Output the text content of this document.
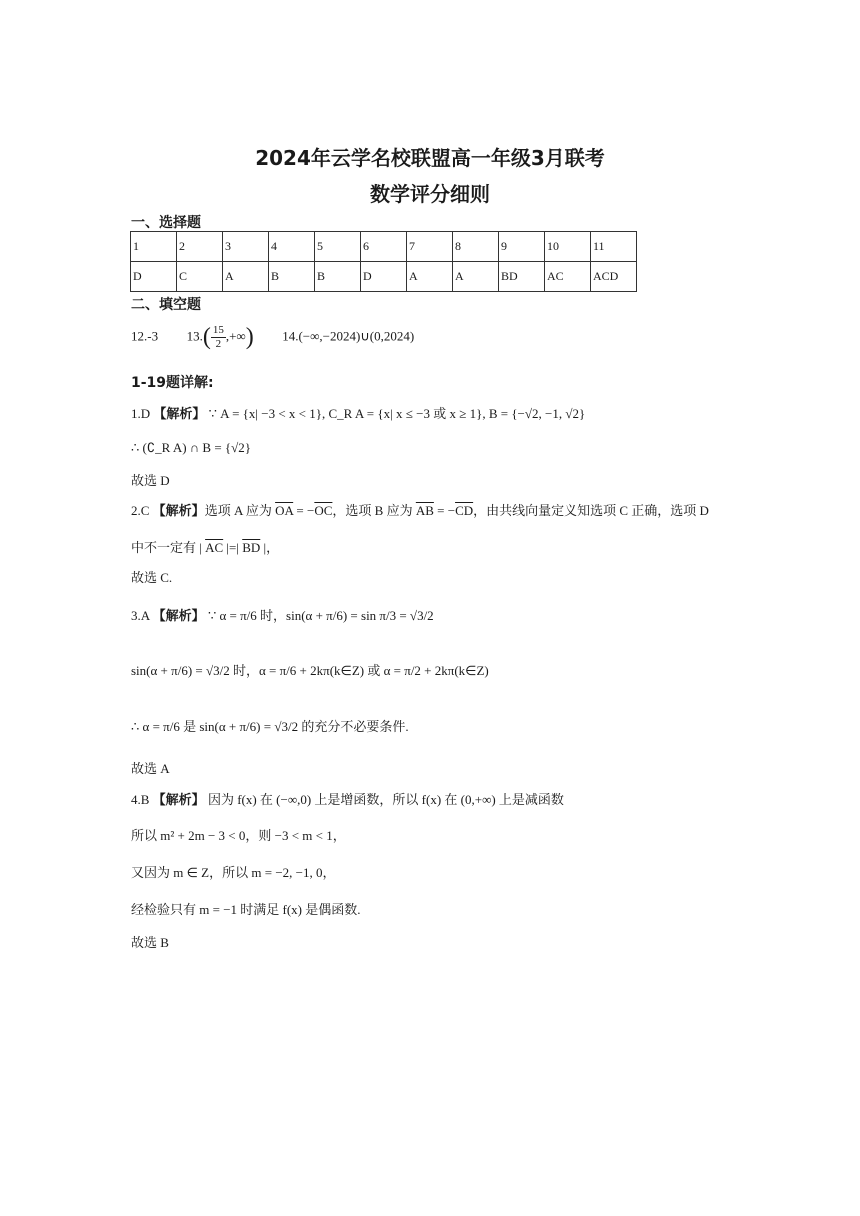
2024年云学名校联盟高一年级3月联考
数学评分细则
一、选择题
1	2	3	4	5	6	7	8	9	10	11
D	C	A	B	B	D	A	A	BD	AC	ACD
二、填空题
12.-3 $13.( \frac{15}{2}$ ,+∞) 14.(−∞,−2024)∪(0,2024)
1-19题详解:
1.D 【解析】 ∵ A = {x| −3 < x < 1}, C_R A = {x| x ≤ −3 或 x ≥ 1}, B = {−√2, −1, √2}
∴ (∁_R A) ∩ B = {√2}
故选 D
2.C 【解析】选项 A 应为 $\overline{OA} = -\overline{OC}$，选项 B 应为 $\overline{AB} = -\overline{CD}$，由共线向量定义知选项 C 正确，选项 D
中不一定有 | $\overline{AC}$ |=| $\overline{BD}$ |，
故选 C.
3.A 【解析】 ∵ α = π/6 时，sin(α + π/6) = sin π/3 = √3/2
sin(α + π/6) = √3/2 时，α = π/6 + 2kπ(k∈Z) 或 α = π/2 + 2kπ(k∈Z)
∴ α = π/6 是 sin(α + π/6) = √3/2 的充分不必要条件.
故选 A
4.B 【解析】 因为 f(x) 在 (−∞,0) 上是增函数，所以 f(x) 在 (0,+∞) 上是减函数
所以 m² + 2m − 3 < 0，则 −3 < m < 1，
又因为 m ∈ Z，所以 m = −2, −1, 0，
经检验只有 m = −1 时满足 f(x) 是偶函数.
故选 B
